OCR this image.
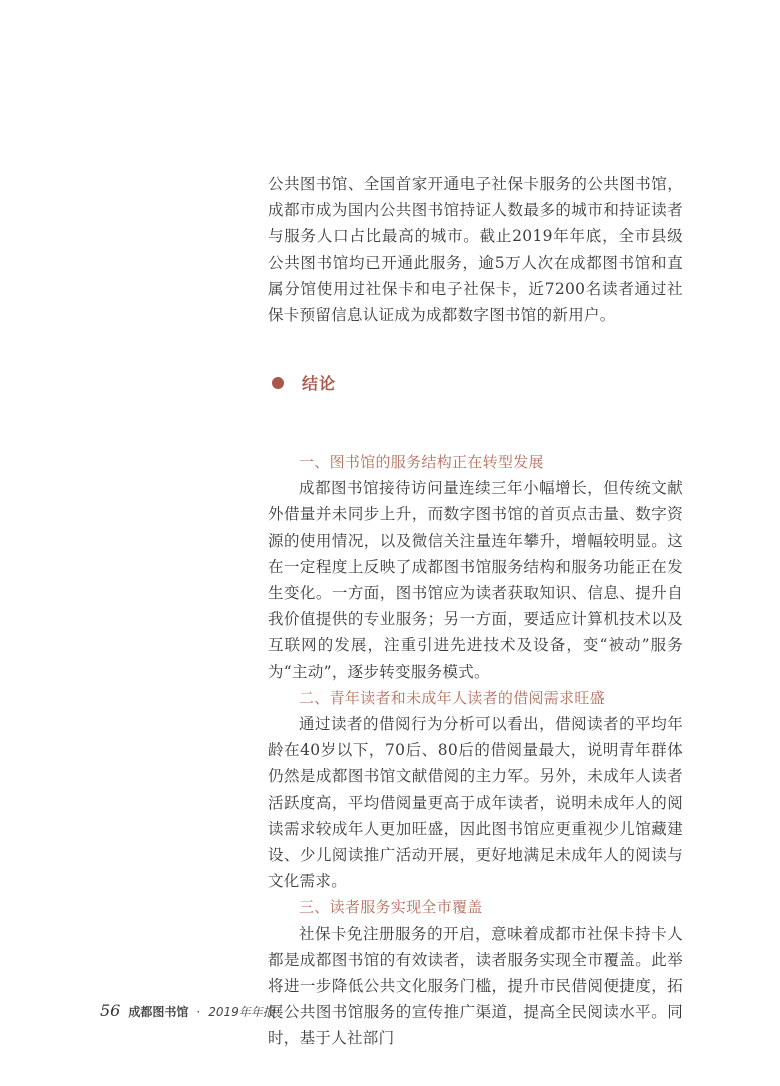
公共图书馆、全国首家开通电子社保卡服务的公共图书馆，成都市成为国内公共图书馆持证人数最多的城市和持证读者与服务人口占比最高的城市。截止2019年年底，全市县级公共图书馆均已开通此服务，逾5万人次在成都图书馆和直属分馆使用过社保卡和电子社保卡，近7200名读者通过社保卡预留信息认证成为成都数字图书馆的新用户。

结论

一、图书馆的服务结构正在转型发展

成都图书馆接待访问量连续三年小幅增长，但传统文献外借量并未同步上升，而数字图书馆的首页点击量、数字资源的使用情况，以及微信关注量连年攀升，增幅较明显。这在一定程度上反映了成都图书馆服务结构和服务功能正在发生变化。一方面，图书馆应为读者获取知识、信息、提升自我价值提供的专业服务；另一方面，要适应计算机技术以及互联网的发展，注重引进先进技术及设备，变“被动”服务为“主动”，逐步转变服务模式。

二、青年读者和未成年人读者的借阅需求旺盛

通过读者的借阅行为分析可以看出，借阅读者的平均年龄在40岁以下，70后、80后的借阅量最大，说明青年群体仍然是成都图书馆文献借阅的主力军。另外，未成年人读者活跃度高，平均借阅量更高于成年读者，说明未成年人的阅读需求较成年人更加旺盛，因此图书馆应更重视少儿馆藏建设、少儿阅读推广活动开展，更好地满足未成年人的阅读与文化需求。

三、读者服务实现全市覆盖

社保卡免注册服务的开启，意味着成都市社保卡持卡人都是成都图书馆的有效读者，读者服务实现全市覆盖。此举将进一步降低公共文化服务门槛，提升市民借阅便捷度，拓展公共图书馆服务的宣传推广渠道，提高全民阅读水平。同时，基于人社部门

56 成都图书馆 · 2019年年报
